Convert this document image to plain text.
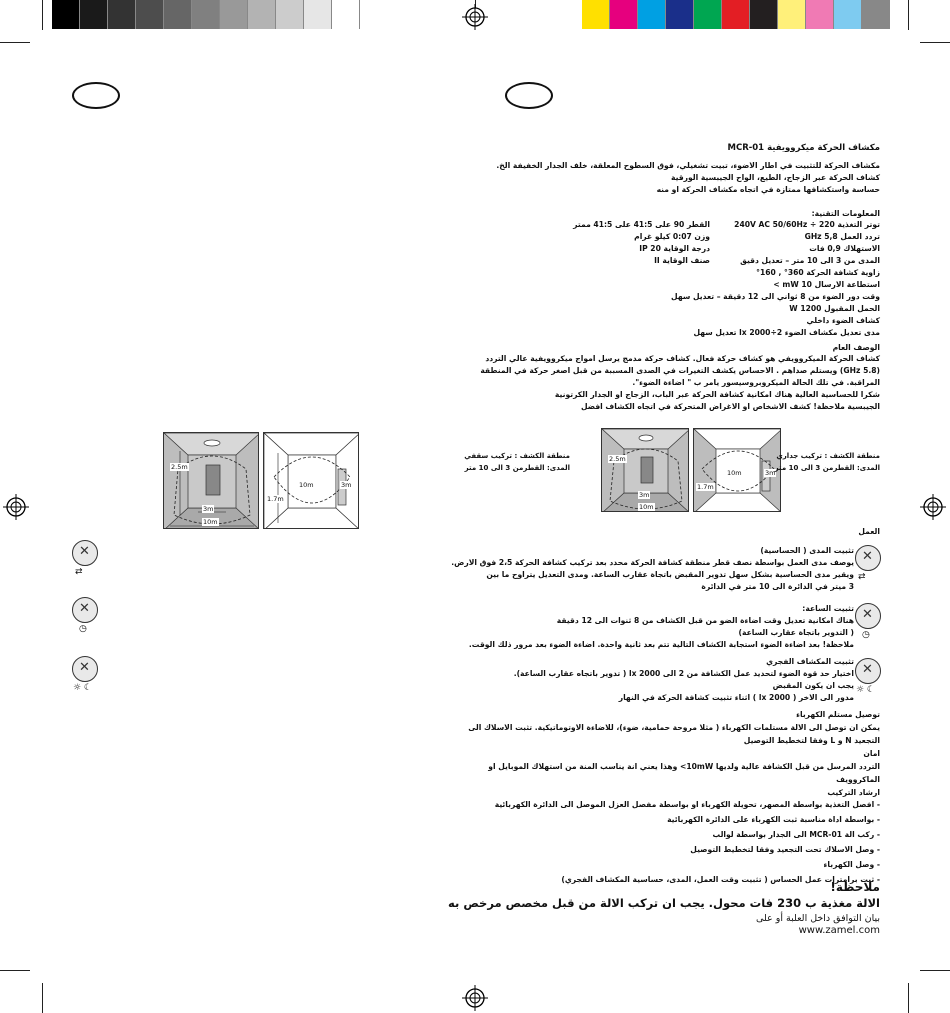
2.5m
3m
10m
10m
1.7m
3m
✕
⇄
✕
◷
✕
☼ ☾
مكشاف الحركة ميكروويفية MCR-01
مكشاف الحركة للتثبيت في اطار الاضوء، تبيت تشغيلي، فوق السطوح المعلقة، خلف الجدار الخفيفة الخ.
كشاف الحركة عبر الزجاج، الطيع، الواح الجيبسية الورقية
حساسة واستكشافها ممتازة في اتجاه مكشاف الحركة او منه
المعلومات التقنية:
توتر التغذية 220 ÷ 240V AC 50/60Hz
تردد العمل 5,8 GHz
الاستهلاك 0,9 فات
المدى من 3 الى 10 متر – تعديل دقيق
زاوية كشافة الحركة 360° , 160°
استطاعة الارسال 10 mW >
وقت دور الضوء من 8 ثواني الى 12 دقيقة – تعديل سهل
الحمل المقبول 1200 W
كشاف الضوء داخلي
مدى تعديل مكشاف الضوء 2÷2000 lx تعديل سهل
القطر 90 على 41:5 على 41:5 ممتر
وزن 0:07 كيلو غرام
درجة الوقاية IP 20
صنف الوقاية II
الوصف العام
كشاف الحركة الميكروويفي هو كشاف حركة فعال. كشاف حركة مدمج يرسل امواج ميكروويفية عالي التردد
(5.8 GHz) ويستلم صداهم . الاحساس يكشف التغيرات في الصدى المسببة من قبل اصغر حركة في المنطقة
المراقبة. في تلك الحالة الميكروبروسيسور يامر ب " اضاءة الضوء".
شكرا للحساسية العالية هناك امكانية كشافة الحركة عبر الباب، الزجاج او الجدار الكرتونية
الجيبسية ملاحظة! كشف الاشخاص او الاغراض المتحركة في اتجاه الكشاف افضل
2.5m
3m
10m
10m
1.7m
3m
منطقة الكشف : تركيب سقفي
المدى: القطرمن 3 الى 10 متر
منطقة الكشف : تركيب جداري
المدى: القطرمن 3 الى 10 متر
العمل
✕
⇄
تثبيت المدى ( الحساسية)
يوصف مدى العمل بواسطة نصف قطر منطقة كشافة الحركة محدد بعد تركيب كشافة الحركة 2،5 فوق الارض.
ويقير مدى الحساسية بشكل سهل تدوير المقبض باتجاة عقارب الساعة. ومدى التعديل يتراوح ما بين
3 ميتر في الدائرة الى 10 متر في الدائرة
✕
◷
تثبيت الساعة:
هناك امكانية تعديل وقت اضاءة الضو من قبل الكشاف من 8 ثنوات الى 12 دقيقة
( التدوير باتجاة عقارب الساعة)
ملاحظة! بعد اضاءة الضوء استجابة الكشاف التالية تتم بعد ثانية واحدة. اضاءة الضوء بعد مرور ذلك الوقت.
✕
☼ ☾
تثبيت المكشاف الفجري
اختيار حد قوة الضوء لتحديد عمل الكشافة من 2 الى 2000 lx ( تدوير باتجاه عقارب الساعة).
يجب ان يكون المقبض
مدور الى الاخر ( 2000 lx ) اثناء تثبيت كشافة الحركة في النهار
توصيل مستلم الكهرباء
يمكن ان توصل الى الالة مستلمات الكهرباء ( مثلا مروحة حمامية، ضوء)، للاضاءة الاوتوماتيكية. تثبت الاسلاك الى
التجعيد N و L وفقا لتخطيط التوصيل
امان
التردد المرسل من قبل الكشافة عالية ولديها 10mW> وهذا يعني انة يناسب المنة من استهلاك الموبايل او
الماكروويف
ارشاد التركيب
- افصل التغذية بواسطة المصهر، تحويلة الكهرباء او بواسطة مفصل العزل الموصل الى الدائرة الكهربائية
- بواسطة اداة مناسبة ثبت الكهرباء على الدائرة الكهربائية
- ركب الة MCR-01 الى الجدار بواسطة لوالب
- وصل الاسلاك تحت التجعيد وفقا لتخطيط التوصيل
- وصل الكهرباء
- ثبت برامترات عمل الحساس ( تثبيت وقت العمل، المدى، حساسية المكشاف الفجري)
ملاحظة!
الالة مغذية ب 230 فات محول. يجب ان تركب الالة من قبل مخصص مرخص به
بيان التوافق داخل العلبة أو على
www.zamel.com
